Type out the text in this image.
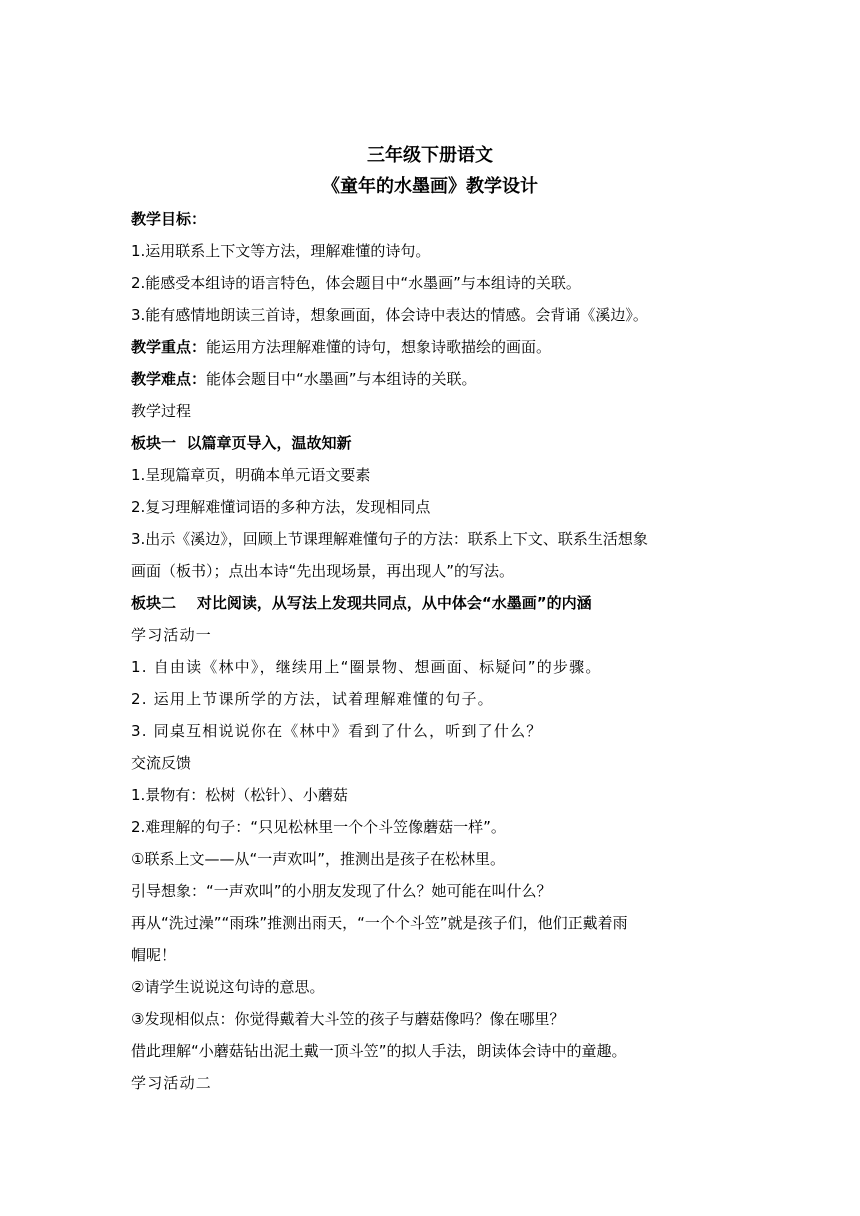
三年级下册语文
《童年的水墨画》教学设计
教学目标：
1.运用联系上下文等方法，理解难懂的诗句。
2.能感受本组诗的语言特色，体会题目中“水墨画”与本组诗的关联。
3.能有感情地朗读三首诗，想象画面，体会诗中表达的情感。会背诵《溪边》。
教学重点：能运用方法理解难懂的诗句，想象诗歌描绘的画面。
教学难点：能体会题目中“水墨画”与本组诗的关联。
教学过程
板块一  以篇章页导入，温故知新
1.呈现篇章页，明确本单元语文要素
2.复习理解难懂词语的多种方法，发现相同点
3.出示《溪边》，回顾上节课理解难懂句子的方法：联系上下文、联系生活想象
画面（板书）；点出本诗“先出现场景，再出现人”的写法。
板块二    对比阅读，从写法上发现共同点，从中体会“水墨画”的内涵
学习活动一
1. 自由读《林中》，继续用上“圈景物、想画面、标疑问”的步骤。
2. 运用上节课所学的方法，试着理解难懂的句子。
3. 同桌互相说说你在《林中》看到了什么，听到了什么？
交流反馈
1.景物有：松树（松针）、小蘑菇
2.难理解的句子：“只见松林里一个个斗笠像蘑菇一样”。
①联系上文——从“一声欢叫”，推测出是孩子在松林里。
引导想象：“一声欢叫”的小朋友发现了什么？她可能在叫什么？
再从“洗过澡”“雨珠”推测出雨天，“一个个斗笠”就是孩子们，他们正戴着雨
帽呢！
②请学生说说这句诗的意思。
③发现相似点：你觉得戴着大斗笠的孩子与蘑菇像吗？像在哪里？
借此理解“小蘑菇钻出泥土戴一顶斗笠”的拟人手法，朗读体会诗中的童趣。
学习活动二
